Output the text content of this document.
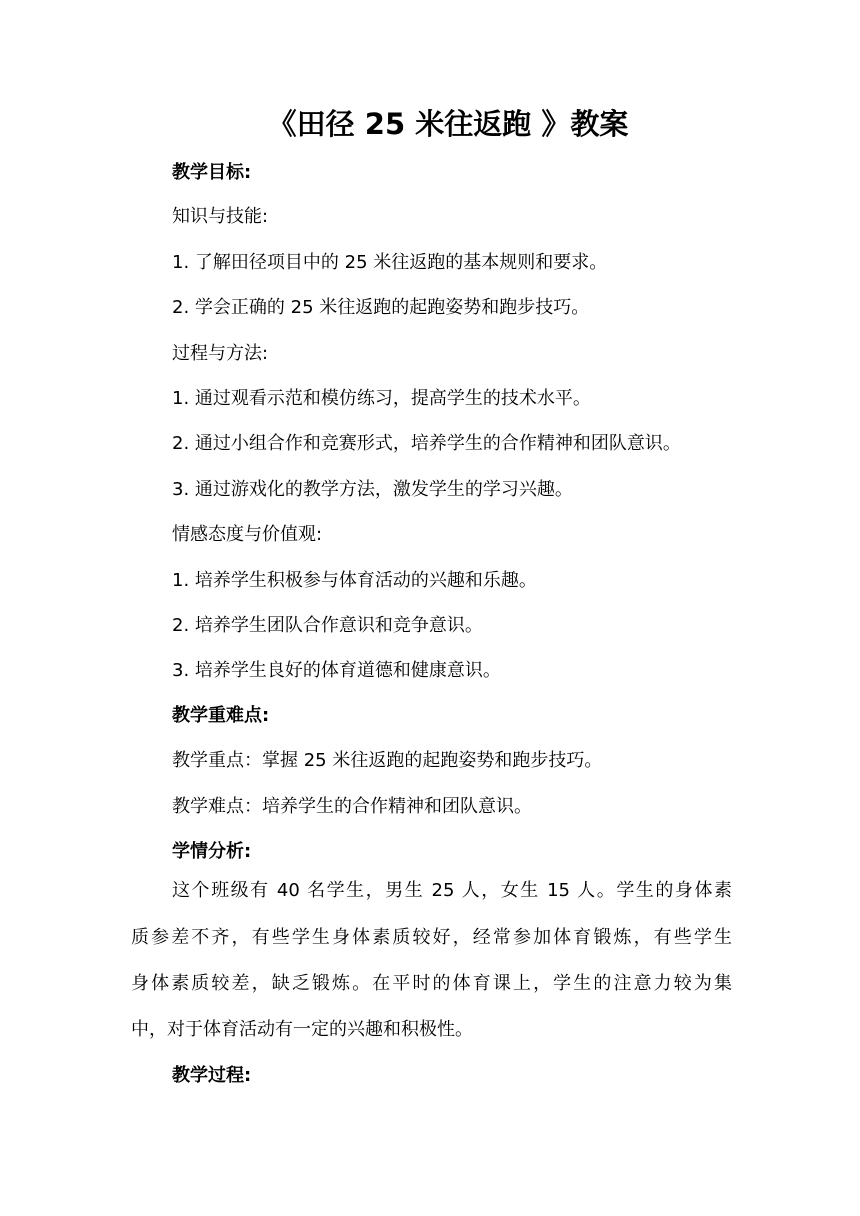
《田径 25 米往返跑 》教案
教学目标:
知识与技能:
1. 了解田径项目中的 25 米往返跑的基本规则和要求。
2. 学会正确的 25 米往返跑的起跑姿势和跑步技巧。
过程与方法:
1. 通过观看示范和模仿练习，提高学生的技术水平。
2. 通过小组合作和竞赛形式，培养学生的合作精神和团队意识。
3. 通过游戏化的教学方法，激发学生的学习兴趣。
情感态度与价值观:
1. 培养学生积极参与体育活动的兴趣和乐趣。
2. 培养学生团队合作意识和竞争意识。
3. 培养学生良好的体育道德和健康意识。
教学重难点:
教学重点：掌握 25 米往返跑的起跑姿势和跑步技巧。
教学难点：培养学生的合作精神和团队意识。
学情分析:
这个班级有 40 名学生，男生 25 人，女生 15 人。学生的身体素
质参差不齐，有些学生身体素质较好，经常参加体育锻炼，有些学生
身体素质较差，缺乏锻炼。在平时的体育课上，学生的注意力较为集
中，对于体育活动有一定的兴趣和积极性。
教学过程:
